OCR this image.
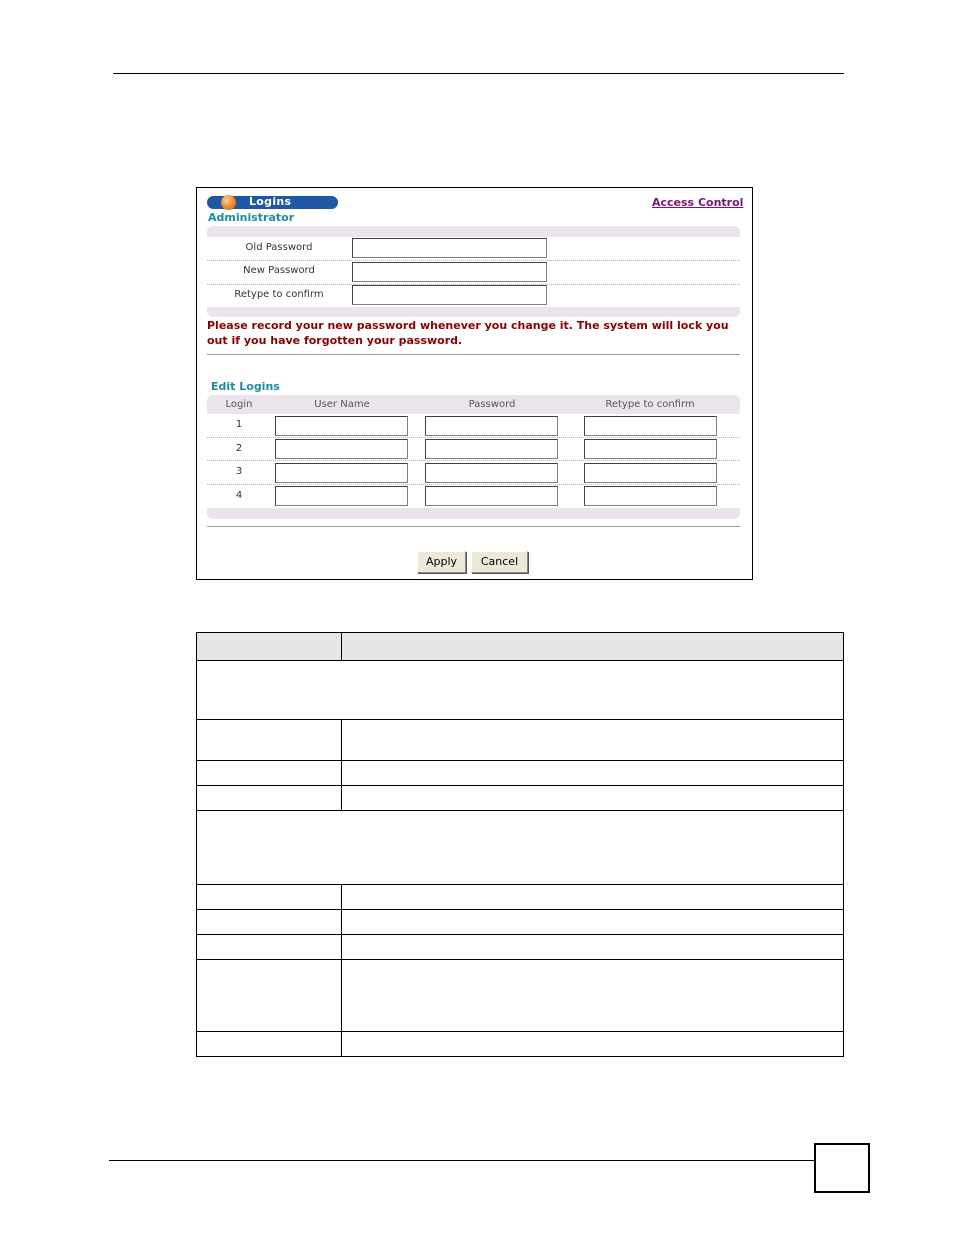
Logins	Access Control
Administrator
Old Password
New Password
Retype to confirm
Please record your new password whenever you change it. The system will lock you out if you have forgotten your password.
Edit Logins
Login	User Name	Password	Retype to confirm
1
2
3
4
Apply	Cancel
